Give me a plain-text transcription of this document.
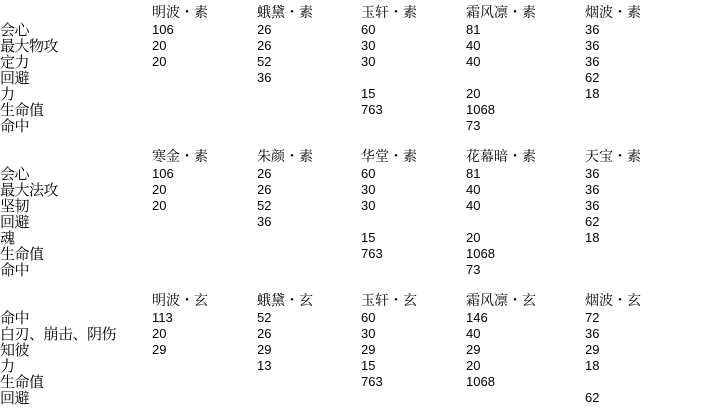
会心
最大物攻
定力
回避
力
生命值
命中
明波・素
106
20
20
蛾黛・素
26
26
52
36
玉轩・素
60
30
30
15
763
霜风凛・素
81
40
40
20
1068
73
烟波・素
36
36
36
62
18
会心
最大法攻
坚韧
回避
魂
生命值
命中
寒金・素
106
20
20
朱颜・素
26
26
52
36
华堂・素
60
30
30
15
763
花幕暗・素
81
40
40
20
1068
73
天宝・素
36
36
36
62
18
命中
白刃、崩击、阴伤
知彼
力
生命值
回避
明波・玄
113
20
29
蛾黛・玄
52
26
29
13
玉轩・玄
60
30
29
15
763
霜风凛・玄
146
40
29
20
1068
烟波・玄
72
36
29
18
62
